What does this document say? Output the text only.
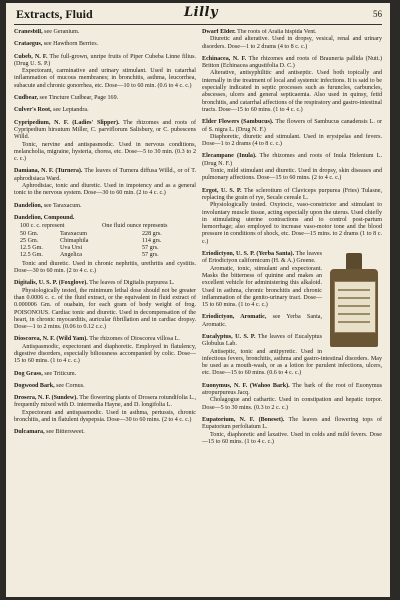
Extracts, Fluid	Lilly	56
Cranesbill, see Geranium.
Crataegus, see Hawthorn Berries.
Cubeb, N. F. The full-grown, unripe fruits of Piper Cubeba Linne filius. (Drug U. S. P.)
Expectorant, carminative and urinary stimulant. Used in catarrhal inflammation of mucous membranes; in bronchitis, asthma, leucorrhea, subacute and chronic gonorrhea, etc. Dose—10 to 60 min. (0.6 to 4 c. c.)
Cudbear, see Tincture Cudbear, Page 169.
Culver's Root, see Leptandra.
Cypripedium, N. F. (Ladies' Slipper). The rhizomes and roots of Cypripedium hirsutum Miller, C. parviflorum Salisbury, or C. pubescens Willd.
Tonic, nervine and antispasmodic. Used in nervous conditions, melancholia, migraine, hysteria, chorea, etc. Dose—5 to 30 min. (0.3 to 2 c. c.)
Damiana, N. F. (Turnera). The leaves of Turnera diffusa Willd., or of T. aphrodisiaca Ward.
Aphrodisiac, tonic and diuretic. Used in impotency and as a general tonic to the nervous system. Dose—30 to 60 min. (2 to 4 c. c.)
Dandelion, see Taraxacum.
Dandelion, Compound.
100 c. c. represent	One fluid ounce represents
50 Gm.	Taraxacum	228 grs.
25 Gm.	Chimaphila	114 grs.
12.5 Gm.	Uva Ursi	57 grs.
12.5 Gm.	Angelica	57 grs.
Tonic and diuretic. Used in chronic nephritis, urethritis and cystitis. Dose—30 to 60 min. (2 to 4 c. c.)
Digitalis, U. S. P. (Foxglove). The leaves of Digitalis purpurea L.
Physiologically tested, the minimum lethal dose should not be greater than 0.0006 c. c. of the fluid extract, or the equivalent in fluid extract of 0.000006 Gm. of ouabain, for each gram of body weight of frog. POISONOUS. Cardiac tonic and diuretic. Used in decompensation of the heart, in chronic myocarditis, auricular fibrillation and in cardiac dropsy. Dose—1 to 2 mins. (0.06 to 0.12 c.c.)
Dioscorea, N. F. (Wild Yam). The rhizomes of Dioscorea villosa L.
Antispasmodic, expectorant and diaphoretic. Employed in flatulency, digestive disorders, especially biliousness accompanied by colic. Dose—15 to 60 mins. (1 to 4 c. c.)
Dog Grass, see Triticum.
Dogwood Bark, see Cornus.
Drosera, N. F. (Sundew). The flowering plants of Drosera rotundifolia L., frequently mixed with D. intermedia Hayne, and D. longifolia L.
Expectorant and antispasmodic. Used in asthma, pertussis, chronic bronchitis, and in flatulent dyspepsia. Dose—30 to 60 mins. (2 to 4 c. c.)
Dulcamara, see Bittersweet.
Dwarf Elder. The roots of Aralia hispida Vent.
Diuretic and alterative. Used in dropsy, vesical, renal and urinary disorders. Dose—1 to 2 drams (4 to 8 c. c.)
Echinacea, N. F. The rhizomes and roots of Brauneria pallida (Nutt.) Britton (Echinacea angustifolia D. C.)
Alterative, antisyphilitic and antiseptic. Used both topically and internally in the treatment of local and systemic infections. It is said to be especially indicated in septic processes such as furuncles, carbuncles, abscesses, ulcers and general septicaemia. Also used in quinsy, fetid bronchitis, and catarrhal affections of the respiratory and gastro-intestinal tracts. Dose—15 to 60 mins. (1 to 4 c. c.)
Elder Flowers (Sambucus). The flowers of Sambucus canadensis L. or of S. nigra L. (Drug N. F.)
Diaphoretic, diuretic and stimulant. Used in erysipelas and fevers. Dose—1 to 2 drams (4 to 8 c. c.)
Elecampane (Inula). The rhizomes and roots of Inula Helenium L. (Drug N. F.)
Tonic, mild stimulant and diuretic. Used in dropsy, skin diseases and pulmonary affections. Dose—15 to 60 mins. (2 to 4 c. c.)
Ergot, U. S. P. The sclerotium of Claviceps purpurea (Fries) Tulasne, replacing the grain of rye, Secale cereale L.
Physiologically tested. Oxytocic, vaso-constrictor and stimulant to involuntary muscle tissue, acting especially upon the uterus. Used chiefly in stimulating uterine contractions and to control post-partum hemorrhage; also employed to increase vaso-motor tone and the blood pressure in conditions of shock, etc. Dose—15 mins. to 2 drams (1 to 8 c. c.)
Eriodictyon, U. S. P. (Yerba Santa). The leaves of Eriodictyon californicum (H. & A.) Greene.
Aromatic, tonic, stimulant and expectorant. Masks the bitterness of quinine and makes an excellent vehicle for administering this alkaloid. Used in asthma, chronic bronchitis and chronic inflammation of the genito-urinary tract. Dose—15 to 60 mins. (1 to 4 c. c.)
Eriodictyon, Aromatic, see Yerba Santa, Aromatic.
Eucalyptus, U. S. P. The leaves of Eucalyptus Globulus Lab.
Antiseptic, tonic and antipyretic. Used in infectious fevers, bronchitis, asthma and gastro-intestinal disorders. May be used as a mouth-wash, or as a lotion for purulent infections, ulcers, etc. Dose—15 to 60 mins. (0.6 to 4 c. c.)
Euonymus, N. F. (Wahoo Bark). The bark of the root of Euonymus atropurpureus Jacq.
Cholagogue and cathartic. Used in constipation and hepatic torpor. Dose—5 to 30 mins. (0.3 to 2 c. c.)
Eupatorium, N. F. (Boneset). The leaves and flowering tops of Eupatorium perfoliatum L.
Tonic, diaphoretic and laxative. Used in colds and mild fevers. Dose—15 to 60 mins. (1 to 4 c. c.)
